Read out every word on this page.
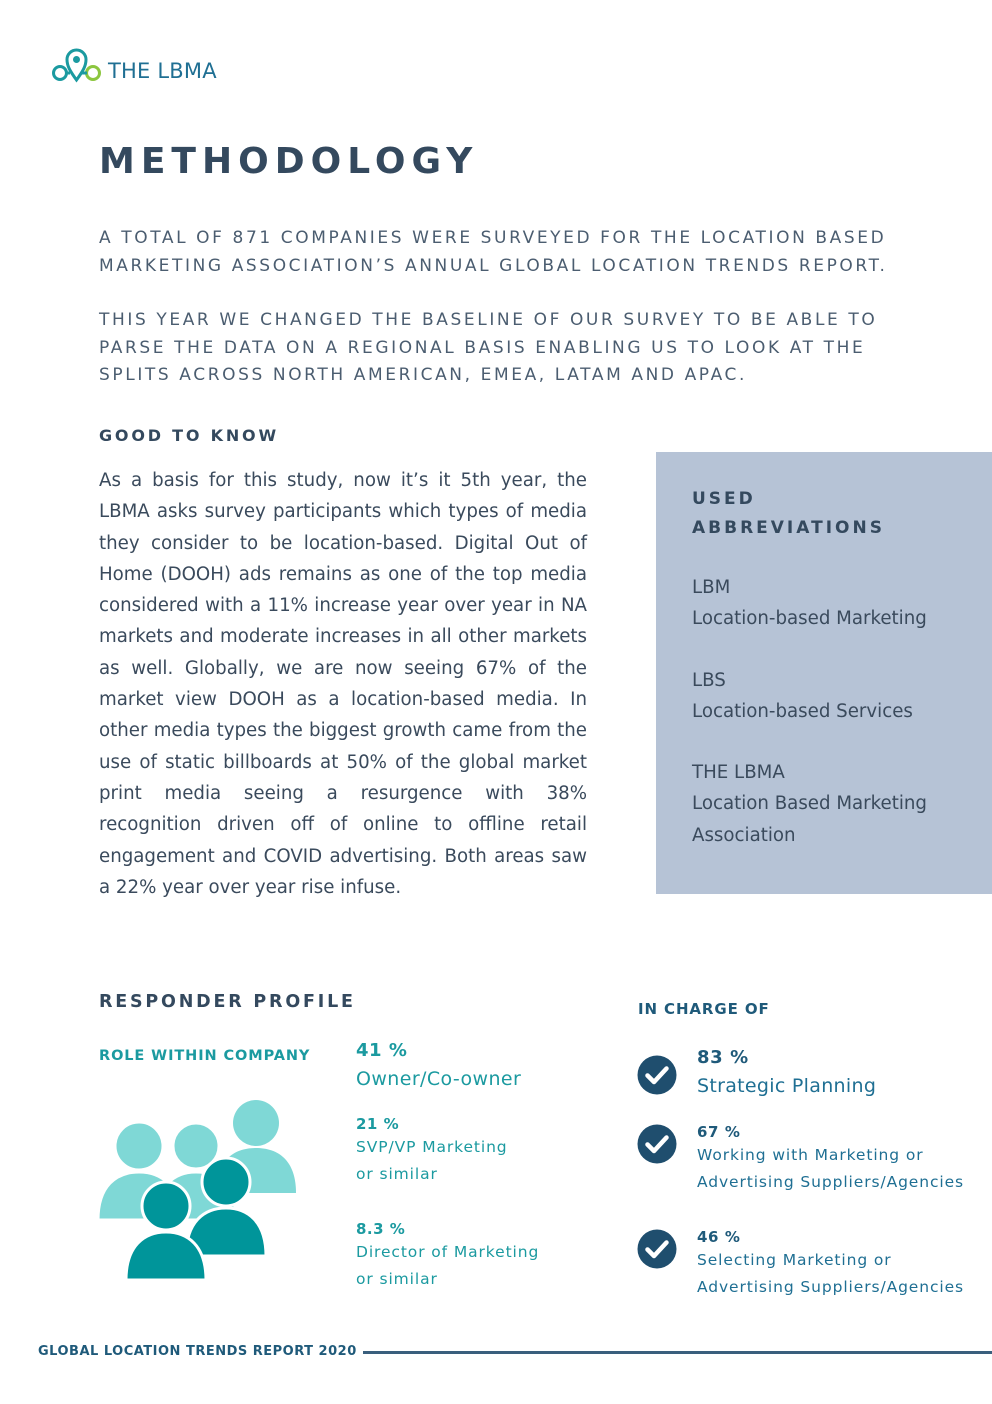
THE LBMA
METHODOLOGY

A TOTAL OF 871 COMPANIES WERE SURVEYED FOR THE LOCATION BASED MARKETING ASSOCIATION’S ANNUAL GLOBAL LOCATION TRENDS REPORT.

THIS YEAR WE CHANGED THE BASELINE OF OUR SURVEY TO BE ABLE TO PARSE THE DATA ON A REGIONAL BASIS ENABLING US TO LOOK AT THE SPLITS ACROSS NORTH AMERICAN, EMEA, LATAM AND APAC.

GOOD TO KNOW

As a basis for this study, now it’s it 5th year, the LBMA asks survey participants which types of media they consider to be location-based. Digital Out of Home (DOOH) ads remains as one of the top media considered with a 11% increase year over year in NA markets and moderate increases in all other markets as well. Globally, we are now seeing 67% of the market view DOOH as a location-based media. In other media types the biggest growth came from the use of static billboards at 50% of the global market print media seeing a resurgence with 38% recognition driven off of online to offline retail engagement and COVID advertising. Both areas saw a 22% year over year rise infuse.

USED ABBREVIATIONS
LBM
Location-based Marketing
LBS
Location-based Services
THE LBMA
Location Based Marketing Association
RESPONDER PROFILE
ROLE WITHIN COMPANY	41 %
Owner/Co-owner
21 %
SVP/VP Marketing
or similar
8.3 %
Director of Marketing
or similar
IN CHARGE OF
83 %
Strategic Planning
67 %
Working with Marketing or
Advertising Suppliers/Agencies
46 %
Selecting Marketing or
Advertising Suppliers/Agencies
GLOBAL LOCATION TRENDS REPORT 2020
